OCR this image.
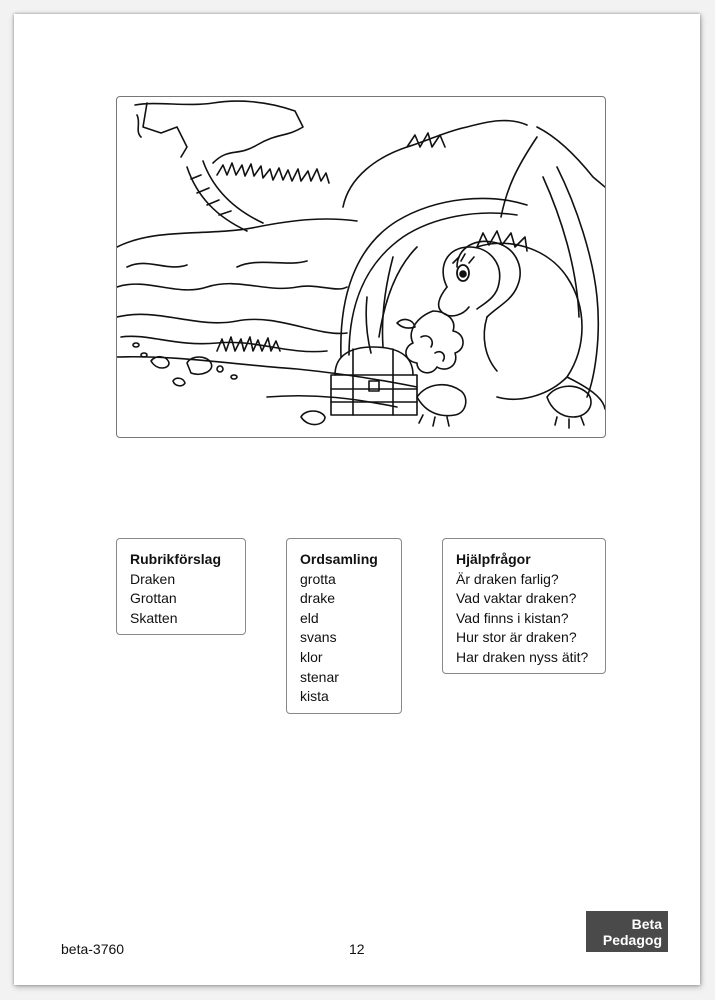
Rubrikförslag
Draken
Grottan
Skatten
Ordsamling
grotta
drake
eld
svans
klor
stenar
kista
Hjälpfrågor
Är draken farlig?
Vad vaktar draken?
Vad finns i kistan?
Hur stor är draken?
Har draken nyss ätit?
beta-3760	12
Beta
Pedagog
